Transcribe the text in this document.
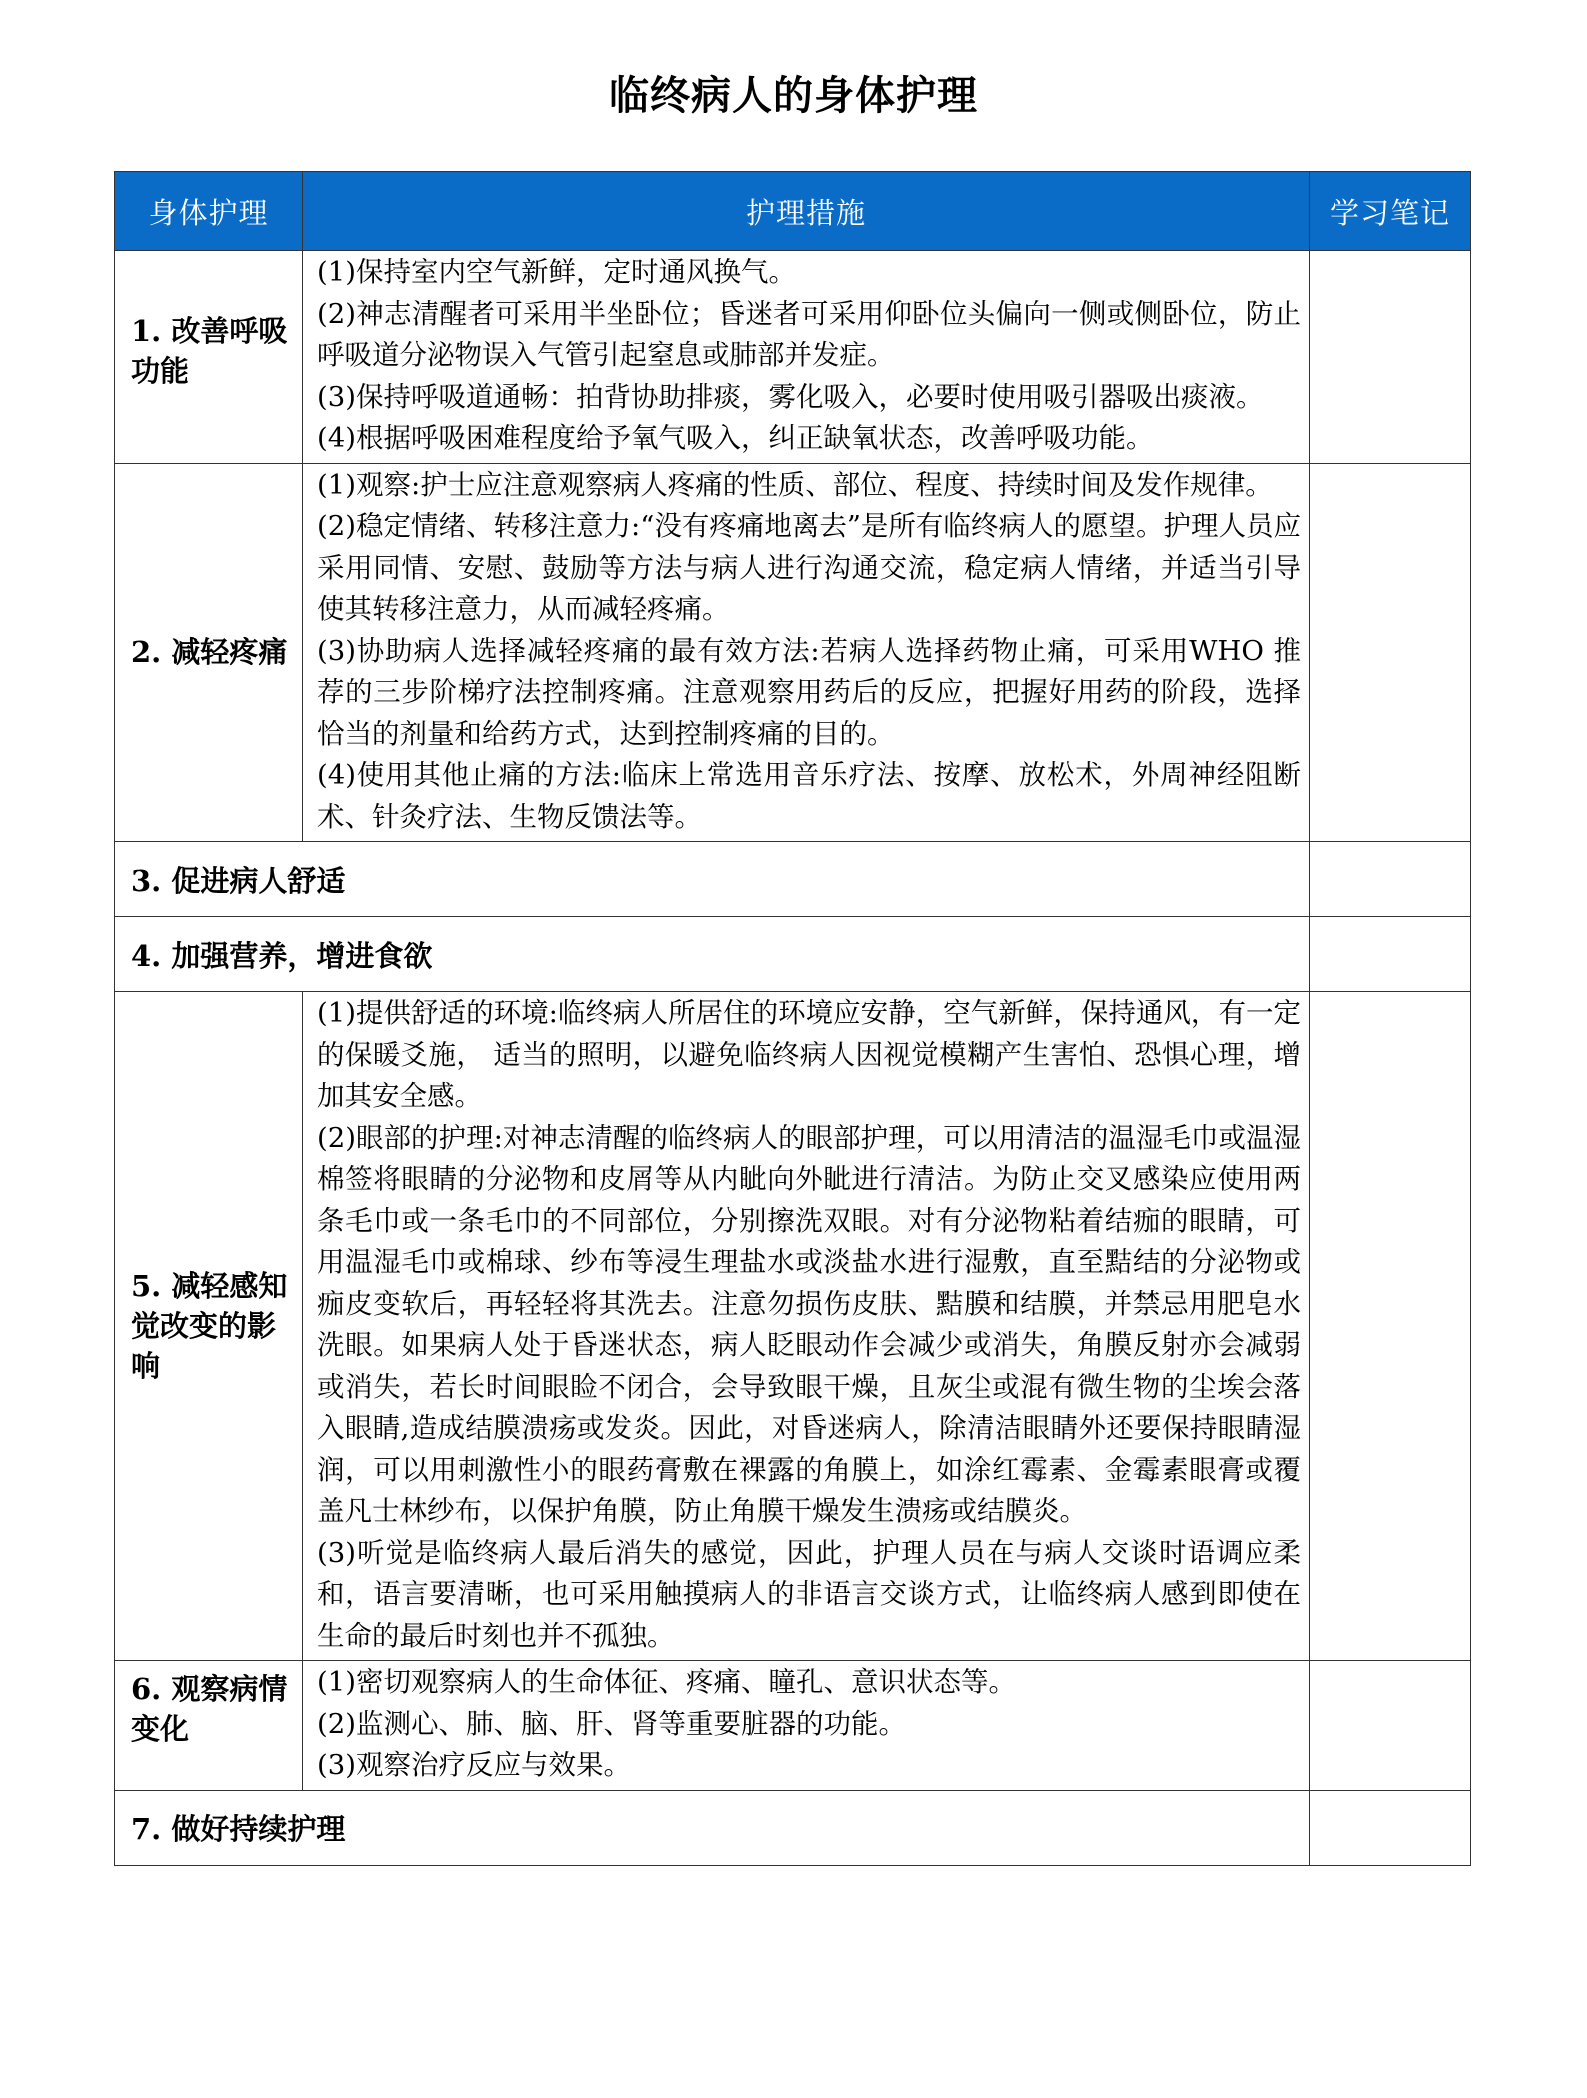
临终病人的身体护理
身体护理	护理措施	学习笔记
1. 改善呼吸功能	(1)保持室内空气新鲜，定时通风换气。

(2)神志清醒者可采用半坐卧位；昏迷者可采用仰卧位头偏向一侧或侧卧位，防止呼吸道分泌物误入气管引起窒息或肺部并发症。

(3)保持呼吸道通畅：拍背协助排痰，雾化吸入，必要时使用吸引器吸出痰液。

(4)根据呼吸困难程度给予氧气吸入，纠正缺氧状态，改善呼吸功能。	

2. 减轻疼痛	(1)观察:护士应注意观察病人疼痛的性质、部位、程度、持续时间及发作规律。

(2)稳定情绪、转移注意力:“没有疼痛地离去”是所有临终病人的愿望。护理人员应采用同情、安慰、鼓励等方法与病人进行沟通交流，稳定病人情绪，并适当引导使其转移注意力，从而减轻疼痛。

(3)协助病人选择减轻疼痛的最有效方法:若病人选择药物止痛，可采用WHO 推荐的三步阶梯疗法控制疼痛。注意观察用药后的反应，把握好用药的阶段，选择恰当的剂量和给药方式，达到控制疼痛的目的。

(4)使用其他止痛的方法:临床上常选用音乐疗法、按摩、放松术，外周神经阻断术、针灸疗法、生物反馈法等。	

3. 促进病人舒适		
4. 加强营养，增进食欲		
5. 减轻感知觉改变的影响	(1)提供舒适的环境:临终病人所居住的环境应安静，空气新鲜，保持通风，有一定的保暖爻施， 适当的照明，以避免临终病人因视觉模糊产生害怕、恐惧心理，增加其安全感。

(2)眼部的护理:对神志清醒的临终病人的眼部护理，可以用清洁的温湿毛巾或温湿棉签将眼睛的分泌物和皮屑等从内眦向外眦进行清洁。为防止交叉感染应使用两条毛巾或一条毛巾的不同部位，分别擦洗双眼。对有分泌物粘着结痂的眼睛，可用温湿毛巾或棉球、纱布等浸生理盐水或淡盐水进行湿敷，直至黠结的分泌物或痂皮变软后，再轻轻将其洗去。注意勿损伤皮肤、黠膜和结膜，并禁忌用肥皂水洗眼。如果病人处于昏迷状态，病人眨眼动作会减少或消失，角膜反射亦会减弱或消失，若长时间眼睑不闭合，会导致眼干燥，且灰尘或混有微生物的尘埃会落入眼睛,造成结膜溃疡或发炎。因此，对昏迷病人，除清洁眼睛外还要保持眼睛湿润，可以用刺激性小的眼药膏敷在裸露的角膜上，如涂红霉素、金霉素眼膏或覆盖凡士林纱布，以保护角膜，防止角膜干燥发生溃疡或结膜炎。

(3)听觉是临终病人最后消失的感觉，因此，护理人员在与病人交谈时语调应柔和，语言要清晰，也可采用触摸病人的非语言交谈方式，让临终病人感到即使在生命的最后时刻也并不孤独。	

6. 观察病情变化	(1)密切观察病人的生命体征、疼痛、瞳孔、意识状态等。

(2)监测心、肺、脑、肝、肾等重要脏器的功能。

(3)观察治疗反应与效果。	

7. 做好持续护理		
